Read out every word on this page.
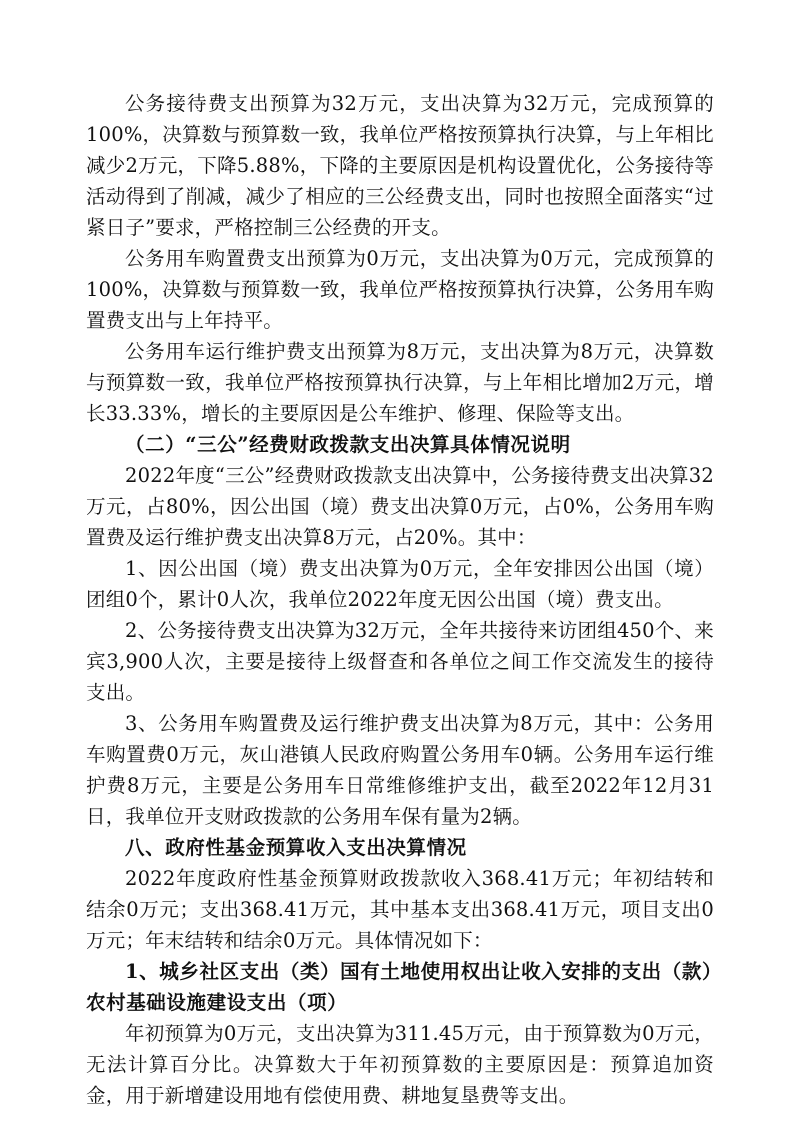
公务接待费支出预算为32万元，支出决算为32万元，完成预算的100%，决算数与预算数一致，我单位严格按预算执行决算，与上年相比减少2万元，下降5.88%，下降的主要原因是机构设置优化，公务接待等活动得到了削减，减少了相应的三公经费支出，同时也按照全面落实“过紧日子”要求，严格控制三公经费的开支。

公务用车购置费支出预算为0万元，支出决算为0万元，完成预算的100%，决算数与预算数一致，我单位严格按预算执行决算，公务用车购置费支出与上年持平。

公务用车运行维护费支出预算为8万元，支出决算为8万元，决算数与预算数一致，我单位严格按预算执行决算，与上年相比增加2万元，增长33.33%，增长的主要原因是公车维护、修理、保险等支出。

（二）“三公”经费财政拨款支出决算具体情况说明

2022年度“三公”经费财政拨款支出决算中，公务接待费支出决算32万元，占80%，因公出国（境）费支出决算0万元，占0%，公务用车购置费及运行维护费支出决算8万元，占20%。其中：

1、因公出国（境）费支出决算为0万元，全年安排因公出国（境）团组0个，累计0人次，我单位2022年度无因公出国（境）费支出。

2、公务接待费支出决算为32万元，全年共接待来访团组450个、来宾3,900人次，主要是接待上级督查和各单位之间工作交流发生的接待支出。

3、公务用车购置费及运行维护费支出决算为8万元，其中：公务用车购置费0万元，灰山港镇人民政府购置公务用车0辆。公务用车运行维护费8万元，主要是公务用车日常维修维护支出，截至2022年12月31日，我单位开支财政拨款的公务用车保有量为2辆。

八、政府性基金预算收入支出决算情况

2022年度政府性基金预算财政拨款收入368.41万元；年初结转和结余0万元；支出368.41万元，其中基本支出368.41万元，项目支出0万元；年末结转和结余0万元。具体情况如下：

1、城乡社区支出（类）国有土地使用权出让收入安排的支出（款）农村基础设施建设支出（项）

年初预算为0万元，支出决算为311.45万元，由于预算数为0万元，无法计算百分比。决算数大于年初预算数的主要原因是：预算追加资金，用于新增建设用地有偿使用费、耕地复垦费等支出。
